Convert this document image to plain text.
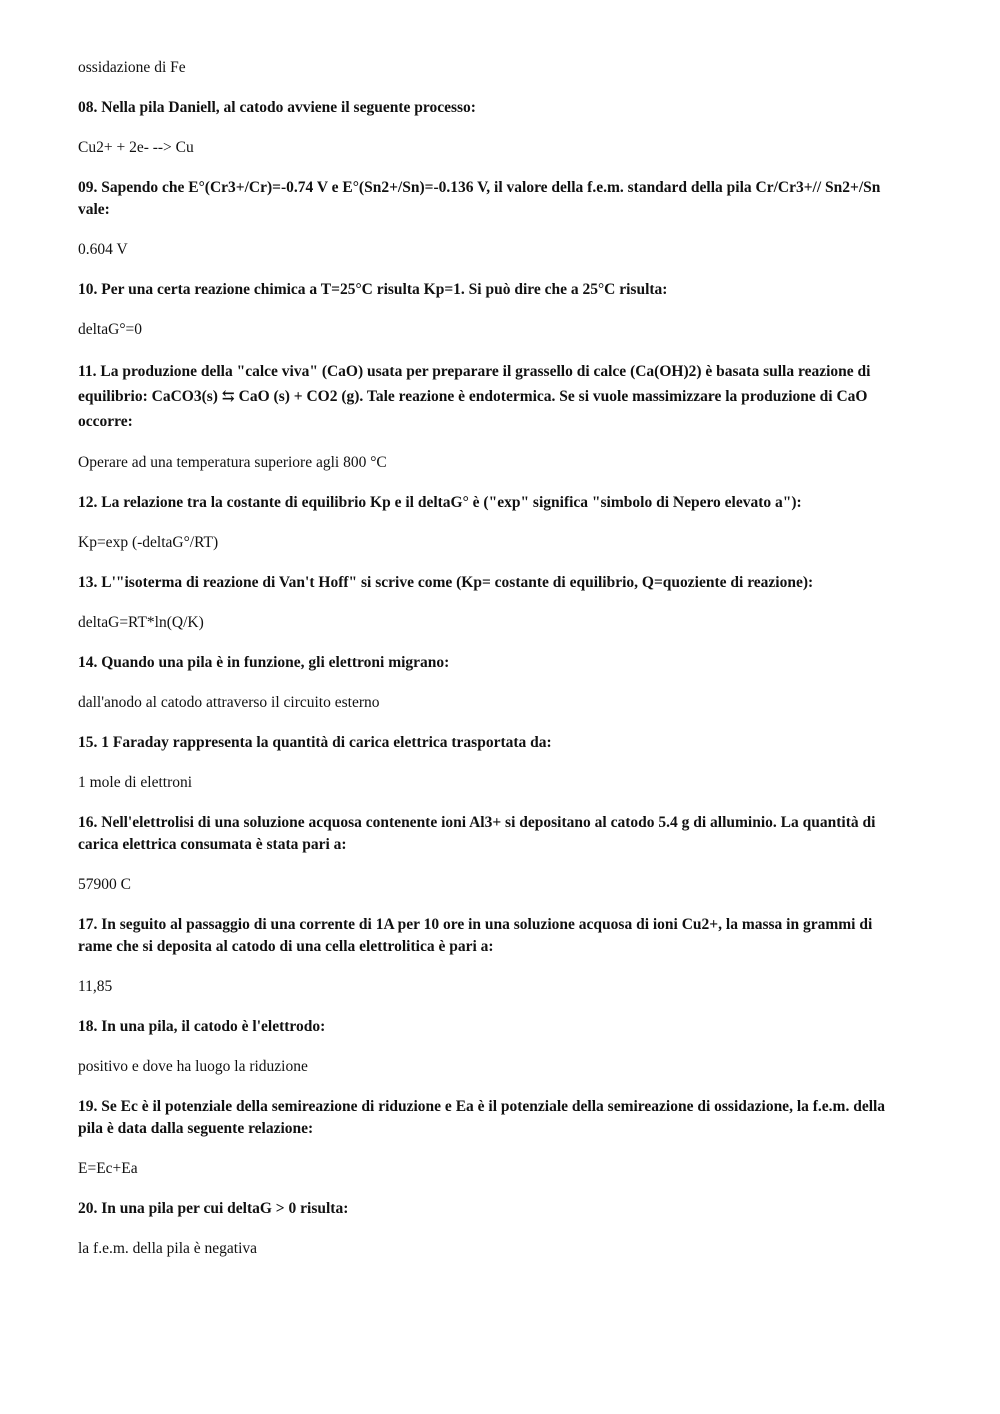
ossidazione di Fe

08. Nella pila Daniell, al catodo avviene il seguente processo:

Cu2+ + 2e- --> Cu

09. Sapendo che E°(Cr3+/Cr)=-0.74 V e E°(Sn2+/Sn)=-0.136 V, il valore della f.e.m. standard della pila Cr/Cr3+// Sn2+/Sn vale:

0.604 V

10. Per una certa reazione chimica a T=25°C risulta Kp=1. Si può dire che a 25°C risulta:

deltaG°=0

11. La produzione della "calce viva" (CaO) usata per preparare il grassello di calce (Ca(OH)2) è basata sulla reazione di equilibrio: CaCO3(s) ⇆ CaO (s) + CO2 (g). Tale reazione è endotermica. Se si vuole massimizzare la produzione di CaO occorre:

Operare ad una temperatura superiore agli 800 °C

12. La relazione tra la costante di equilibrio Kp e il deltaG° è ("exp" significa "simbolo di Nepero elevato a"):

Kp=exp (-deltaG°/RT)

13. L'"isoterma di reazione di Van't Hoff" si scrive come (Kp= costante di equilibrio, Q=quoziente di reazione):

deltaG=RT*ln(Q/K)

14. Quando una pila è in funzione, gli elettroni migrano:

dall'anodo al catodo attraverso il circuito esterno

15. 1 Faraday rappresenta la quantità di carica elettrica trasportata da:

1 mole di elettroni

16. Nell'elettrolisi di una soluzione acquosa contenente ioni Al3+ si depositano al catodo 5.4 g di alluminio. La quantità di carica elettrica consumata è stata pari a:

57900 C

17. In seguito al passaggio di una corrente di 1A per 10 ore in una soluzione acquosa di ioni Cu2+, la massa in grammi di rame che si deposita al catodo di una cella elettrolitica è pari a:

11,85

18. In una pila, il catodo è l'elettrodo:

positivo e dove ha luogo la riduzione

19. Se Ec è il potenziale della semireazione di riduzione e Ea è il potenziale della semireazione di ossidazione, la f.e.m. della pila è data dalla seguente relazione:

E=Ec+Ea

20. In una pila per cui deltaG > 0 risulta:

la f.e.m. della pila è negativa
